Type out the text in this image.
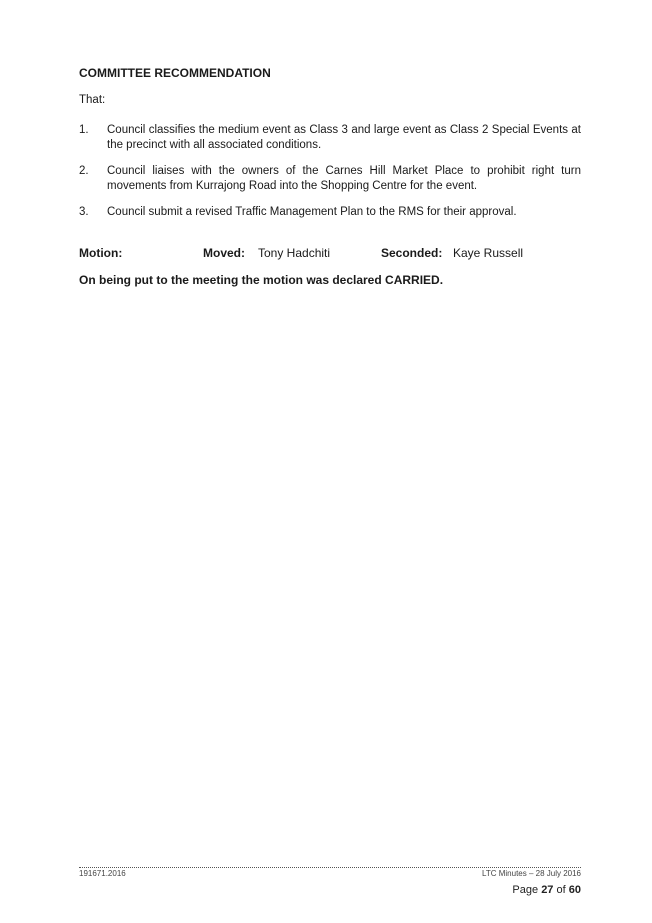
COMMITTEE RECOMMENDATION
That:
1.	Council classifies the medium event as Class 3 and large event as Class 2 Special Events at the precinct with all associated conditions.
2.	Council liaises with the owners of the Carnes Hill Market Place to prohibit right turn movements from Kurrajong Road into the Shopping Centre for the event.
3.	Council submit a revised Traffic Management Plan to the RMS for their approval.
Motion:	Moved: Tony Hadchiti	Seconded: Kaye Russell
On being put to the meeting the motion was declared CARRIED.
191671.2016	LTC Minutes – 28 July 2016
Page 27 of 60
